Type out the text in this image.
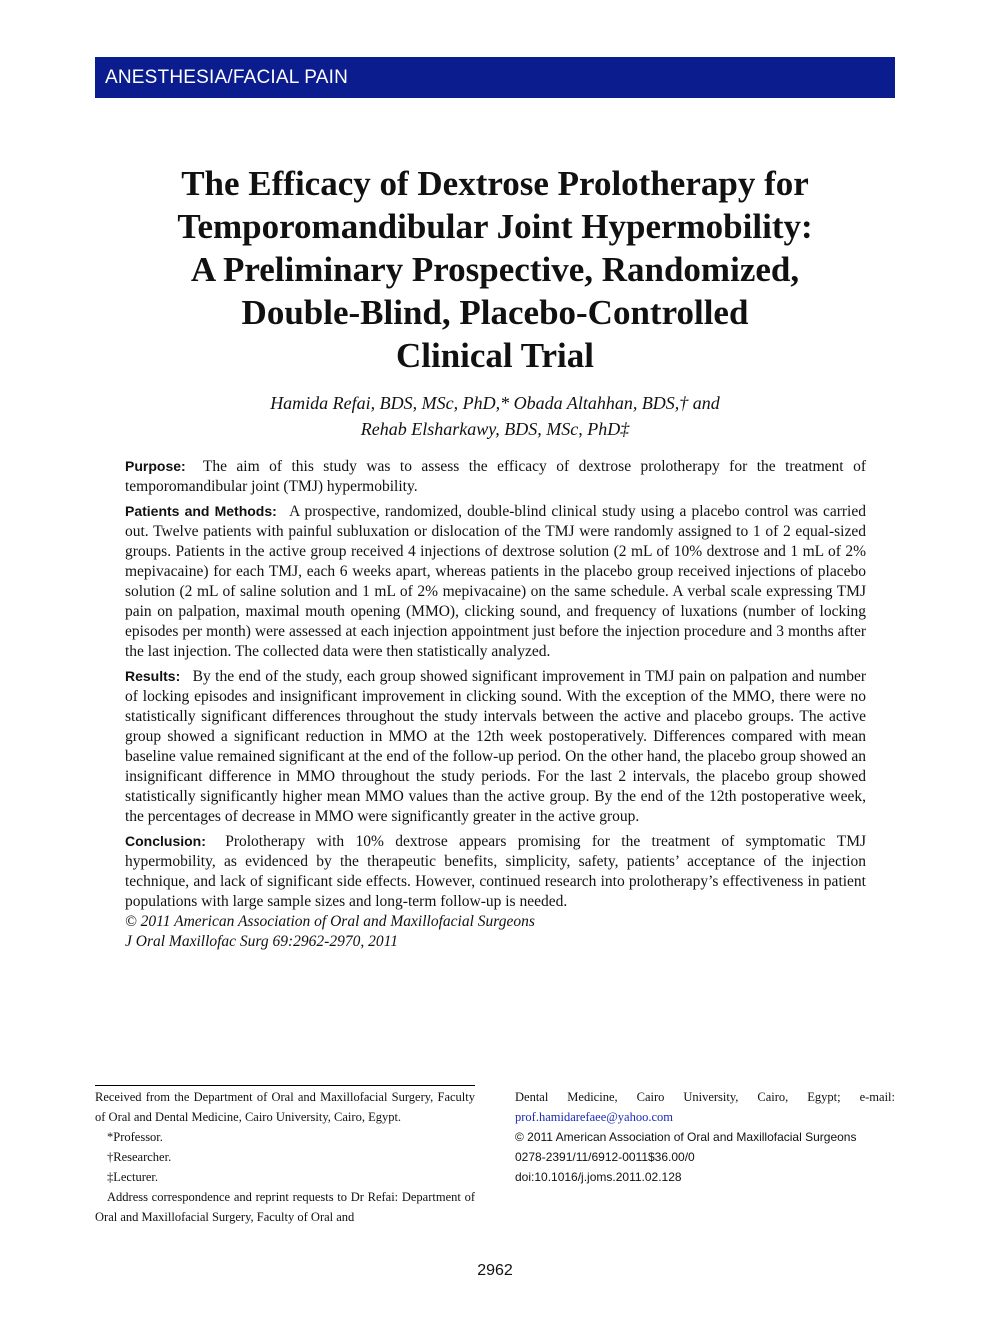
ANESTHESIA/FACIAL PAIN
The Efficacy of Dextrose Prolotherapy for
Temporomandibular Joint Hypermobility:
A Preliminary Prospective, Randomized,
Double-Blind, Placebo-Controlled
Clinical Trial
Hamida Refai, BDS, MSc, PhD,* Obada Altahhan, BDS,† and
Rehab Elsharkawy, BDS, MSc, PhD‡

Purpose: The aim of this study was to assess the efficacy of dextrose prolotherapy for the treatment of temporomandibular joint (TMJ) hypermobility.

Patients and Methods: A prospective, randomized, double-blind clinical study using a placebo control was carried out. Twelve patients with painful subluxation or dislocation of the TMJ were randomly assigned to 1 of 2 equal-sized groups. Patients in the active group received 4 injections of dextrose solution (2 mL of 10% dextrose and 1 mL of 2% mepivacaine) for each TMJ, each 6 weeks apart, whereas patients in the placebo group received injections of placebo solution (2 mL of saline solution and 1 mL of 2% mepivacaine) on the same schedule. A verbal scale expressing TMJ pain on palpation, maximal mouth opening (MMO), clicking sound, and frequency of luxations (number of locking episodes per month) were assessed at each injection appointment just before the injection procedure and 3 months after the last injection. The collected data were then statistically analyzed.

Results: By the end of the study, each group showed significant improvement in TMJ pain on palpation and number of locking episodes and insignificant improvement in clicking sound. With the exception of the MMO, there were no statistically significant differences throughout the study intervals between the active and placebo groups. The active group showed a significant reduction in MMO at the 12th week postoperatively. Differences compared with mean baseline value remained significant at the end of the follow-up period. On the other hand, the placebo group showed an insignificant difference in MMO throughout the study periods. For the last 2 intervals, the placebo group showed statistically significantly higher mean MMO values than the active group. By the end of the 12th postoperative week, the percentages of decrease in MMO were significantly greater in the active group.

Conclusion: Prolotherapy with 10% dextrose appears promising for the treatment of symptomatic TMJ hypermobility, as evidenced by the therapeutic benefits, simplicity, safety, patients’ acceptance of the injection technique, and lack of significant side effects. However, continued research into prolotherapy’s effectiveness in patient populations with large sample sizes and long-term follow-up is needed.

© 2011 American Association of Oral and Maxillofacial Surgeons
J Oral Maxillofac Surg 69:2962-2970, 2011

Received from the Department of Oral and Maxillofacial Surgery, Faculty of Oral and Dental Medicine, Cairo University, Cairo, Egypt.

*Professor.

†Researcher.

‡Lecturer.

Address correspondence and reprint requests to Dr Refai: Department of Oral and Maxillofacial Surgery, Faculty of Oral and

Dental Medicine, Cairo University, Cairo, Egypt; e-mail: prof.hamidarefaee@yahoo.com

© 2011 American Association of Oral and Maxillofacial Surgeons

0278-2391/11/6912-0011$36.00/0

doi:10.1016/j.joms.2011.02.128

2962
